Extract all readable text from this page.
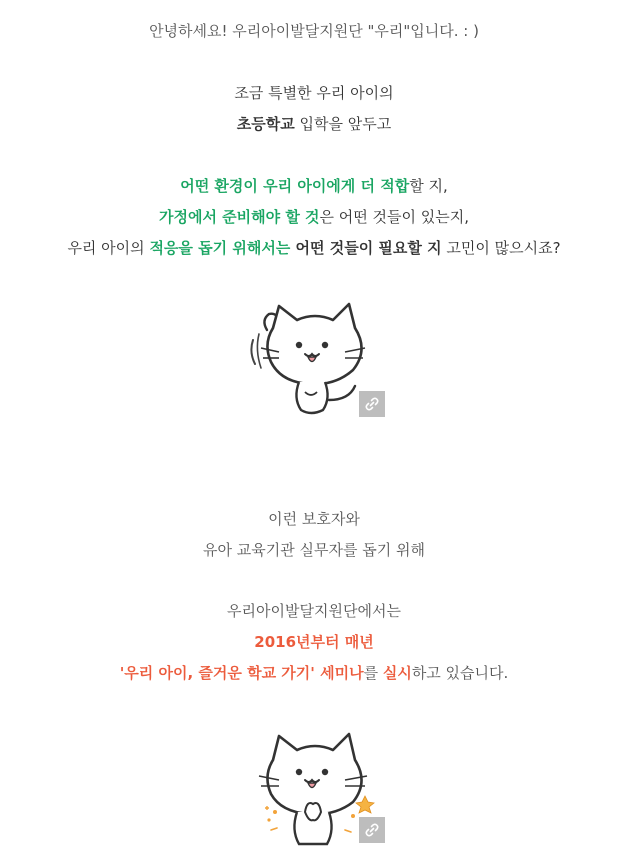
안녕하세요! 우리아이발달지원단 "우리"입니다. : )
조금 특별한 우리 아이의
초등학교 입학을 앞두고
어떤 환경이 우리 아이에게 더 적합할 지,
가정에서 준비해야 할 것은 어떤 것들이 있는지,
우리 아이의 적응을 돕기 위해서는 어떤 것들이 필요할 지 고민이 많으시죠?
이런 보호자와
유아 교육기관 실무자를 돕기 위해
우리아이발달지원단에서는
2016년부터 매년
'우리 아이, 즐거운 학교 가기' 세미나를 실시하고 있습니다.
